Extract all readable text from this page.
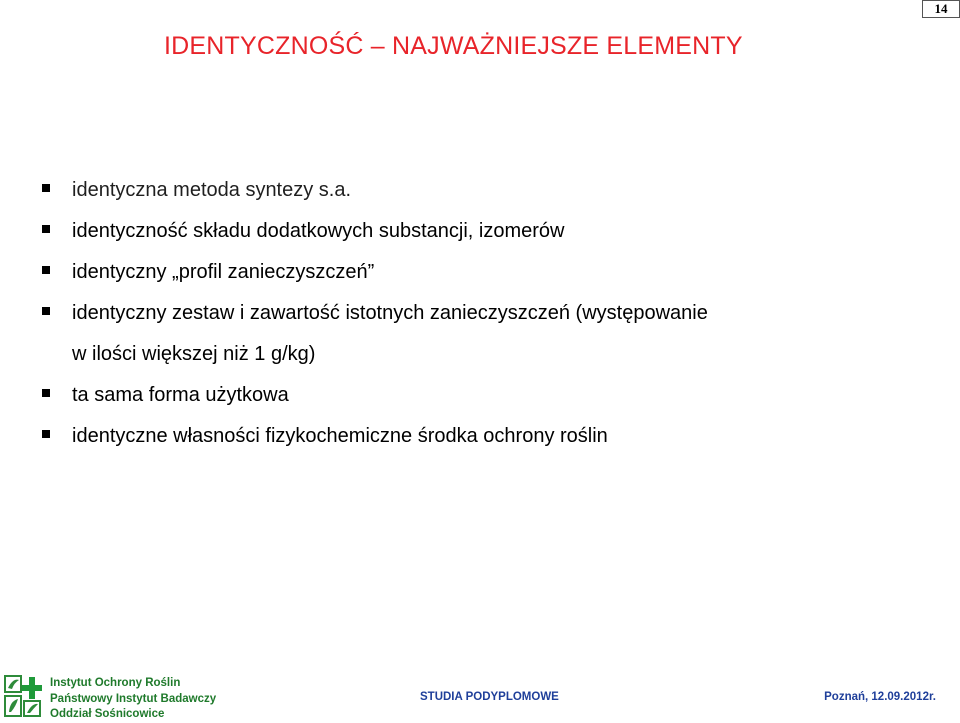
14
IDENTYCZNOŚĆ – NAJWAŻNIEJSZE ELEMENTY
identyczna metoda syntezy s.a.
identyczność składu dodatkowych substancji, izomerów
identyczny „profil zanieczyszczeń”
identyczny zestaw i zawartość istotnych zanieczyszczeń (występowanie
w ilości większej niż 1 g/kg)
ta sama forma użytkowa
identyczne własności fizykochemiczne środka ochrony roślin
Instytut Ochrony Roślin
Państwowy Instytut Badawczy
Oddział Sośnicowice
STUDIA PODYPLOMOWE	Poznań, 12.09.2012r.
